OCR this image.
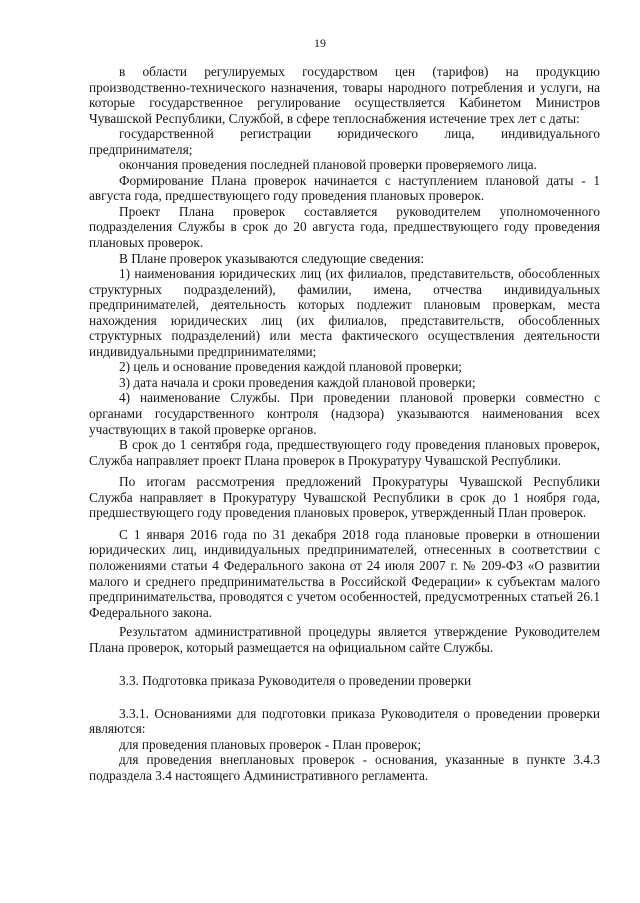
19

в области регулируемых государством цен (тарифов) на продукцию производственно-технического назначения, товары народного потребления и услуги, на которые государственное регулирование осуществляется Кабинетом Министров Чувашской Республики, Службой, в сфере теплоснабжения истечение трех лет с даты:

государственной регистрации юридического лица, индивидуального предпринимателя;

окончания проведения последней плановой проверки проверяемого лица.

Формирование Плана проверок начинается с наступлением плановой даты - 1 августа года, предшествующего году проведения плановых проверок.

Проект Плана проверок составляется руководителем уполномоченного подразделения Службы в срок до 20 августа года, предшествующего году проведения плановых проверок.

В Плане проверок указываются следующие сведения:

1) наименования юридических лиц (их филиалов, представительств, обособленных структурных подразделений), фамилии, имена, отчества индивидуальных предпринимателей, деятельность которых подлежит плановым проверкам, места нахождения юридических лиц (их филиалов, представительств, обособленных структурных подразделений) или места фактического осуществления деятельности индивидуальными предпринимателями;

2) цель и основание проведения каждой плановой проверки;

3) дата начала и сроки проведения каждой плановой проверки;

4) наименование Службы. При проведении плановой проверки совместно с органами государственного контроля (надзора) указываются наименования всех участвующих в такой проверке органов.

В срок до 1 сентября года, предшествующего году проведения плановых проверок, Служба направляет проект Плана проверок в Прокуратуру Чувашской Республики.

По итогам рассмотрения предложений Прокуратуры Чувашской Республики Служба направляет в Прокуратуру Чувашской Республики в срок до 1 ноября года, предшествующего году проведения плановых проверок, утвержденный План проверок.

С 1 января 2016 года по 31 декабря 2018 года плановые проверки в отношении юридических лиц, индивидуальных предпринимателей, отнесенных в соответствии с положениями статьи 4 Федерального закона от 24 июля 2007 г. № 209-ФЗ «О развитии малого и среднего предпринимательства в Российской Федерации» к субъектам малого предпринимательства, проводятся с учетом особенностей, предусмотренных статьей 26.1 Федерального закона.

Результатом административной процедуры является утверждение Руководителем Плана проверок, который размещается на официальном сайте Службы.

3.3. Подготовка приказа Руководителя о проведении проверки

3.3.1. Основаниями для подготовки приказа Руководителя о проведении проверки являются:

для проведения плановых проверок - План проверок;

для проведения внеплановых проверок - основания, указанные в пункте 3.4.3 подраздела 3.4 настоящего Административного регламента.
